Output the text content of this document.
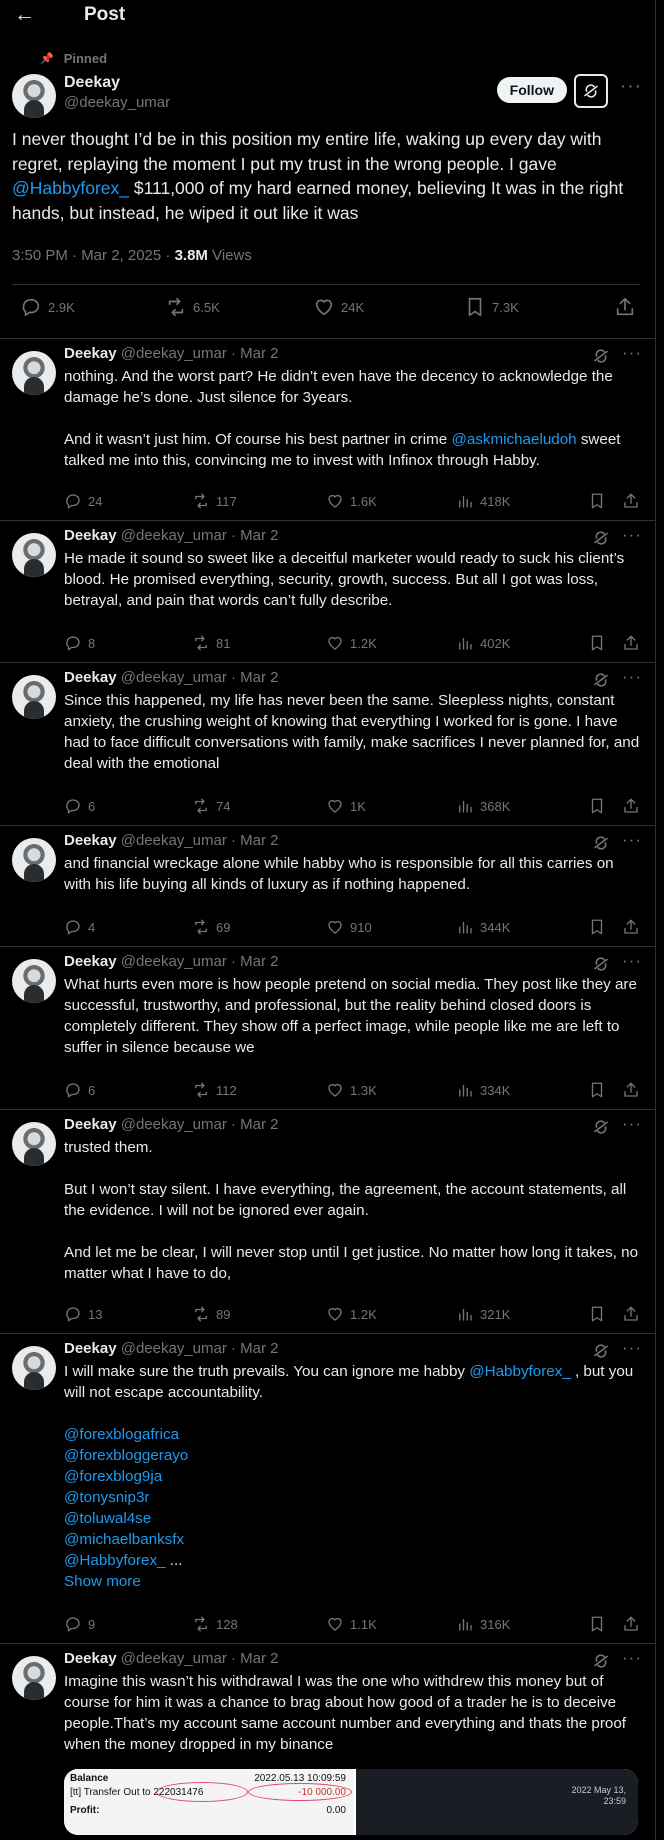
←	Post
📌 Pinned
Deekay
@deekay_umar
Follow	···
I never thought I’d be in this position my entire life, waking up every day with regret, replaying the moment I put my trust in the wrong people. I gave @Habbyforex_ $111,000 of my hard earned money, believing It was in the right hands, but instead, he wiped it out like it was
3:50 PM · Mar 2, 2025 · 3.8M Views
2.9K	6.5K	24K	7.3K
Deekay @deekay_umar · Mar 2	···
nothing. And the worst part? He didn’t even have the decency to acknowledge the damage he’s done. Just silence for 3years.

And it wasn’t just him. Of course his best partner in crime @askmichaeludoh sweet talked me into this, convincing me to invest with Infinox through Habby.
24	117	1.6K	418K
Deekay @deekay_umar · Mar 2	···
He made it sound so sweet like a deceitful marketer would ready to suck his client’s blood. He promised everything, security, growth, success. But all I got was loss, betrayal, and pain that words can’t fully describe.
8	81	1.2K	402K
Deekay @deekay_umar · Mar 2	···
Since this happened, my life has never been the same. Sleepless nights, constant anxiety, the crushing weight of knowing that everything I worked for is gone. I have had to face difficult conversations with family, make sacrifices I never planned for, and deal with the emotional
6	74	1K	368K
Deekay @deekay_umar · Mar 2	···
and financial wreckage alone while habby who is responsible for all this carries on with his life buying all kinds of luxury as if nothing happened.
4	69	910	344K
Deekay @deekay_umar · Mar 2	···
What hurts even more is how people pretend on social media. They post like they are successful, trustworthy, and professional, but the reality behind closed doors is completely different. They show off a perfect image, while people like me are left to suffer in silence because we
6	112	1.3K	334K
Deekay @deekay_umar · Mar 2	···
trusted them.

But I won’t stay silent. I have everything, the agreement, the account statements, all the evidence. I will not be ignored ever again.

And let me be clear, I will never stop until I get justice. No matter how long it takes, no matter what I have to do,
13	89	1.2K	321K
Deekay @deekay_umar · Mar 2	···
I will make sure the truth prevails. You can ignore me habby @Habbyforex_ , but you will not escape accountability.

@forexblogafrica
@forexbloggerayo
@forexblog9ja
@tonysnip3r
@toluwal4se
@michaelbanksfx
@Habbyforex_ ...
Show more
9	128	1.1K	316K
Deekay @deekay_umar · Mar 2	···
Imagine this wasn’t his withdrawal I was the one who withdrew this money but of course for him it was a chance to brag about how good of a trader he is to deceive people.That’s my account same account number and everything and thats the proof when the money dropped in my binance
Balance	2022.05.13 10:09:59
[tt] Transfer Out to 222031476	-10 000.00
Profit:	0.00
2022 May 13,
23:59
